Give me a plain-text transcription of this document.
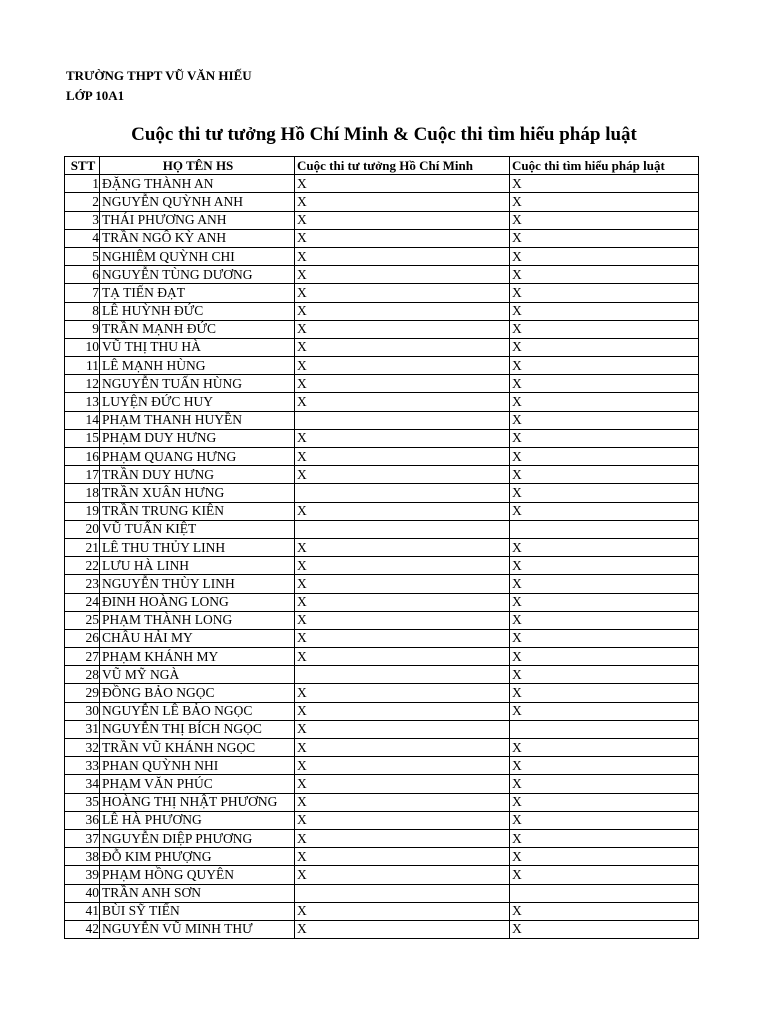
TRƯỜNG THPT VŨ VĂN HIẾU
LỚP 10A1
Cuộc thi tư tưởng Hồ Chí Minh & Cuộc thi tìm hiểu pháp luật
STT	HỌ TÊN HS	Cuộc thi tư tưởng Hồ Chí Minh	Cuộc thi tìm hiểu pháp luật
1	ĐẶNG THÀNH AN	X	X
2	NGUYỄN QUỲNH ANH	X	X
3	THÁI PHƯƠNG ANH	X	X
4	TRẦN NGÔ KỲ ANH	X	X
5	NGHIÊM QUỲNH CHI	X	X
6	NGUYỄN TÙNG DƯƠNG	X	X
7	TẠ TIẾN ĐẠT	X	X
8	LÊ HUỲNH ĐỨC	X	X
9	TRẦN MẠNH ĐỨC	X	X
10	VŨ THỊ THU HÀ	X	X
11	LÊ MẠNH HÙNG	X	X
12	NGUYỄN TUẤN HÙNG	X	X
13	LUYỆN ĐỨC HUY	X	X
14	PHẠM THANH HUYỀN		X
15	PHẠM DUY HƯNG	X	X
16	PHẠM QUANG HƯNG	X	X
17	TRẦN DUY HƯNG	X	X
18	TRẦN XUÂN HƯNG		X
19	TRẦN TRUNG KIÊN	X	X
20	VŨ TUẤN KIỆT		
21	LÊ THU THỦY LINH	X	X
22	LƯU HÀ LINH	X	X
23	NGUYỄN THÙY LINH	X	X
24	ĐINH HOÀNG LONG	X	X
25	PHẠM THÀNH LONG	X	X
26	CHÂU HẢI MY	X	X
27	PHẠM KHÁNH MY	X	X
28	VŨ MỸ NGÀ		X
29	ĐỒNG BẢO NGỌC	X	X
30	NGUYỄN LÊ BẢO NGỌC	X	X
31	NGUYỄN THỊ BÍCH NGỌC	X	
32	TRẦN VŨ KHÁNH NGỌC	X	X
33	PHAN QUỲNH NHI	X	X
34	PHẠM VĂN PHÚC	X	X
35	HOÀNG THỊ NHẬT PHƯƠNG	X	X
36	LÊ HÀ PHƯƠNG	X	X
37	NGUYỄN DIỆP PHƯƠNG	X	X
38	ĐỖ KIM PHƯỢNG	X	X
39	PHẠM HỒNG QUYÊN	X	X
40	TRẦN ANH SƠN		
41	BÙI SỸ TIẾN	X	X
42	NGUYỄN VŨ MINH THƯ	X	X
